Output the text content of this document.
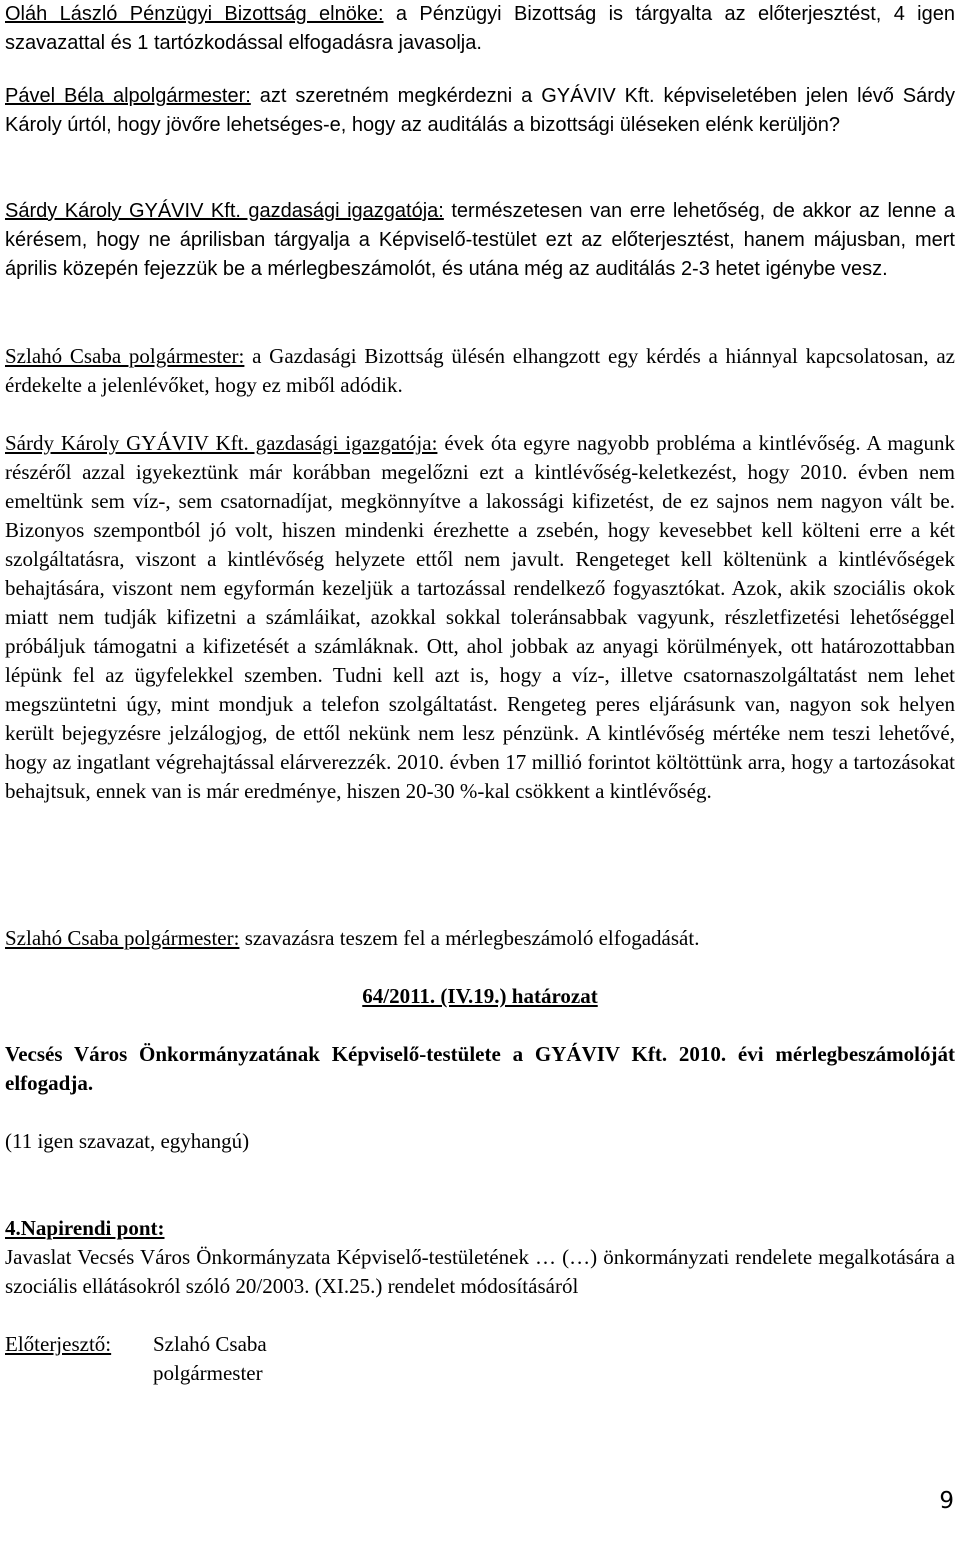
Oláh László Pénzügyi Bizottság elnöke: a Pénzügyi Bizottság is tárgyalta az előterjesztést, 4 igen szavazattal és 1 tartózkodással elfogadásra javasolja.

Pável Béla alpolgármester: azt szeretném megkérdezni a GYÁVIV Kft. képviseletében jelen lévő Sárdy Károly úrtól, hogy jövőre lehetséges-e, hogy az auditálás a bizottsági üléseken elénk kerüljön?

Sárdy Károly GYÁVIV Kft. gazdasági igazgatója: természetesen van erre lehetőség, de akkor az lenne a kérésem, hogy ne áprilisban tárgyalja a Képviselő-testület ezt az előterjesztést, hanem májusban, mert április közepén fejezzük be a mérlegbeszámolót, és utána még az auditálás 2-3 hetet igénybe vesz.

Szlahó Csaba polgármester: a Gazdasági Bizottság ülésén elhangzott egy kérdés a hiánnyal kapcsolatosan, az érdekelte a jelenlévőket, hogy ez miből adódik.

Sárdy Károly GYÁVIV Kft. gazdasági igazgatója: évek óta egyre nagyobb probléma a kintlévőség. A magunk részéről azzal igyekeztünk már korábban megelőzni ezt a kintlévőség-keletkezést, hogy 2010. évben nem emeltünk sem víz-, sem csatornadíjat, megkönnyítve a lakossági kifizetést, de ez sajnos nem nagyon vált be. Bizonyos szempontból jó volt, hiszen mindenki érezhette a zsebén, hogy kevesebbet kell költeni erre a két szolgáltatásra, viszont a kintlévőség helyzete ettől nem javult. Rengeteget kell költenünk a kintlévőségek behajtására, viszont nem egyformán kezeljük a tartozással rendelkező fogyasztókat. Azok, akik szociális okok miatt nem tudják kifizetni a számláikat, azokkal sokkal toleránsabbak vagyunk, részletfizetési lehetőséggel próbáljuk támogatni a kifizetését a számláknak. Ott, ahol jobbak az anyagi körülmények, ott határozottabban lépünk fel az ügyfelekkel szemben. Tudni kell azt is, hogy a víz-, illetve csatornaszolgáltatást nem lehet megszüntetni úgy, mint mondjuk a telefon szolgáltatást. Rengeteg peres eljárásunk van, nagyon sok helyen került bejegyzésre jelzálogjog, de ettől nekünk nem lesz pénzünk. A kintlévőség mértéke nem teszi lehetővé, hogy az ingatlant végrehajtással elárverezzék. 2010. évben 17 millió forintot költöttünk arra, hogy a tartozásokat behajtsuk, ennek van is már eredménye, hiszen 20-30 %-kal csökkent a kintlévőség.

Szlahó Csaba polgármester: szavazásra teszem fel a mérlegbeszámoló elfogadását.

64/2011. (IV.19.) határozat

Vecsés Város Önkormányzatának Képviselő-testülete a GYÁVIV Kft. 2010. évi mérlegbeszámolóját elfogadja.

(11 igen szavazat, egyhangú)

4.Napirendi pont:

Javaslat Vecsés Város Önkormányzata Képviselő-testületének … (…) önkormányzati rendelete megalkotására a szociális ellátásokról szóló 20/2003. (XI.25.) rendelet módosításáról

Előterjesztő:	Szlahó Csaba
polgármester
9
